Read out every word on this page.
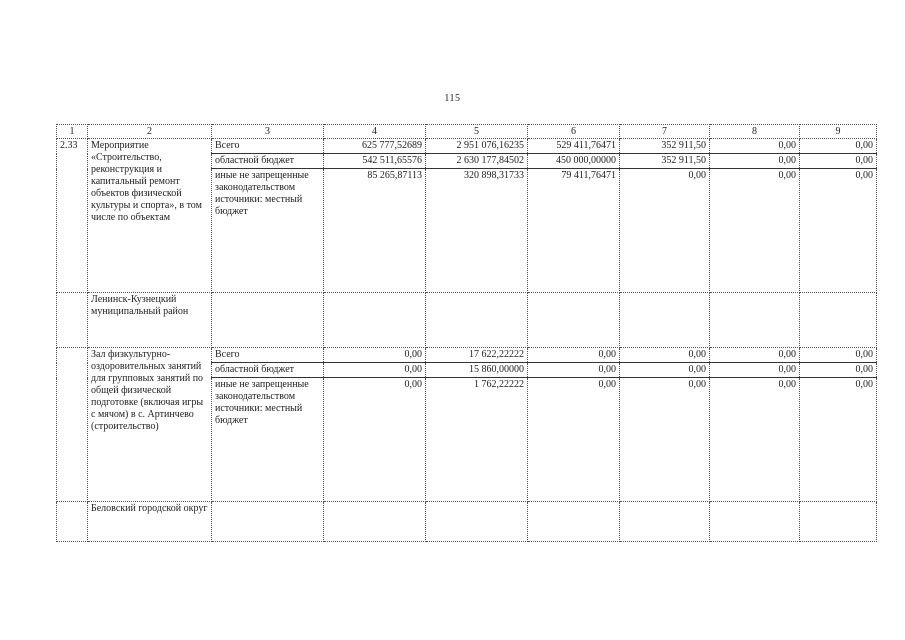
115
1	2	3	4	5	6	7	8	9
2.33	Мероприятие «Строительство, реконструкция и капитальный ремонт объектов физической культуры и спорта», в том числе по объектам	Всего	625 777,52689	2 951 076,16235	529 411,76471	352 911,50	0,00	0,00
		областной бюджет	542 511,65576	2 630 177,84502	450 000,00000	352 911,50	0,00	0,00
		иные не запрещенные законодательством источники: местный бюджет	85 265,87113	320 898,31733	79 411,76471	0,00	0,00	0,00
	Ленинск-Кузнецкий муниципальный район							
	Зал физкультурно-оздоровительных занятий для групповых занятий по общей физической подготовке (включая игры с мячом) в с. Артинчево (строительство)	Всего	0,00	17 622,22222	0,00	0,00	0,00	0,00
		областной бюджет	0,00	15 860,00000	0,00	0,00	0,00	0,00
		иные не запрещенные законодательством источники: местный бюджет	0,00	1 762,22222	0,00	0,00	0,00	0,00
	Беловский городской округ							
